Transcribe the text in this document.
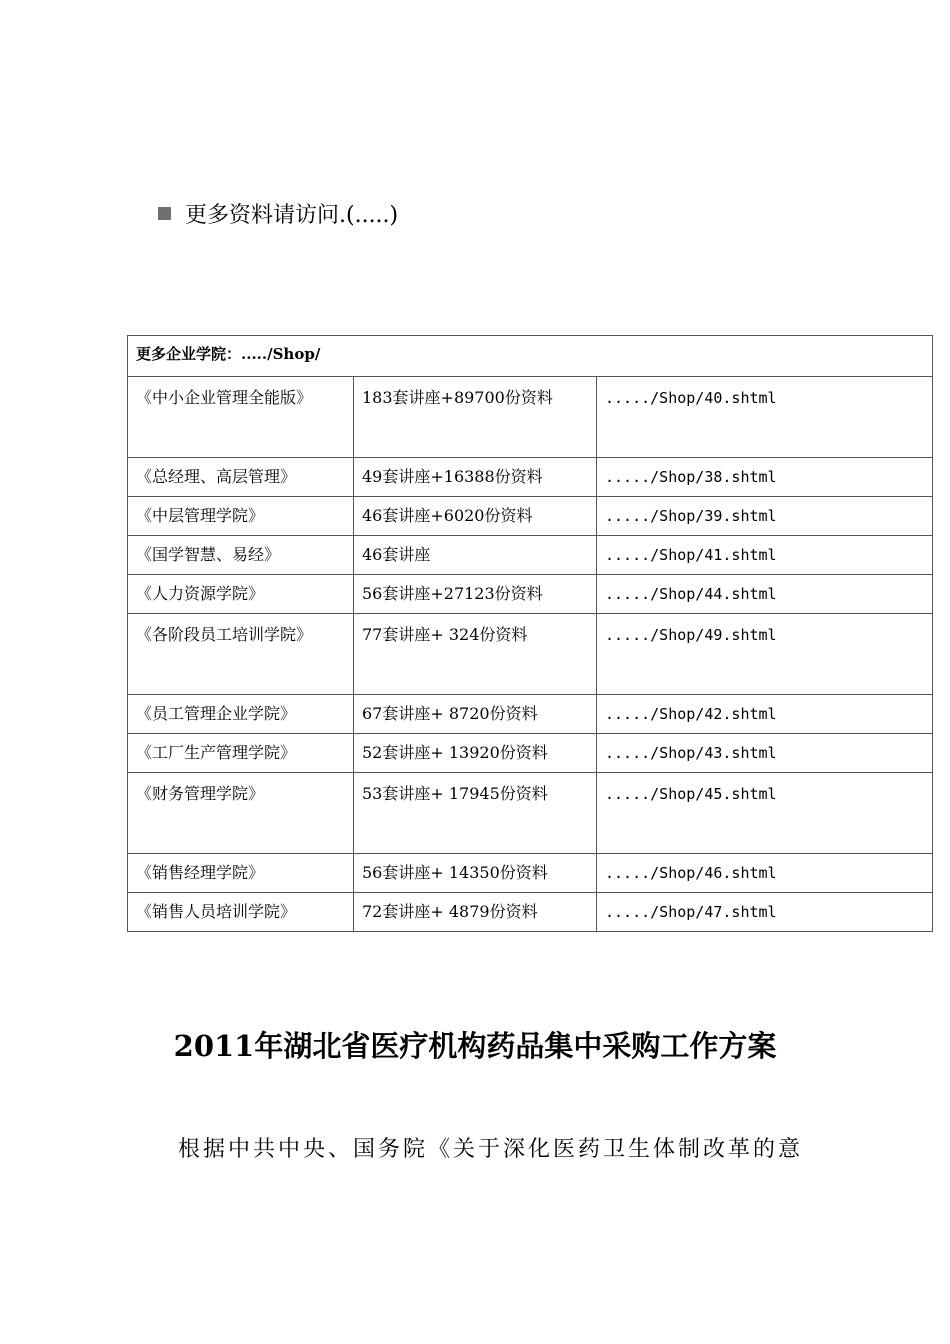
更多资料请访问.(.....)
更多企业学院：...../Shop/		
《中小企业管理全能版》	183套讲座+89700份资料	...../Shop/40.shtml
《总经理、高层管理》	49套讲座+16388份资料	...../Shop/38.shtml
《中层管理学院》	46套讲座+6020份资料	...../Shop/39.shtml
《国学智慧、易经》	46套讲座	...../Shop/41.shtml
《人力资源学院》	56套讲座+27123份资料	...../Shop/44.shtml
《各阶段员工培训学院》	77套讲座+ 324份资料	...../Shop/49.shtml
《员工管理企业学院》	67套讲座+ 8720份资料	...../Shop/42.shtml
《工厂生产管理学院》	52套讲座+ 13920份资料	...../Shop/43.shtml
《财务管理学院》	53套讲座+ 17945份资料	...../Shop/45.shtml
《销售经理学院》	56套讲座+ 14350份资料	...../Shop/46.shtml
《销售人员培训学院》	72套讲座+ 4879份资料	...../Shop/47.shtml
2011年湖北省医疗机构药品集中采购工作方案
根据中共中央、国务院《关于深化医药卫生体制改革的意
